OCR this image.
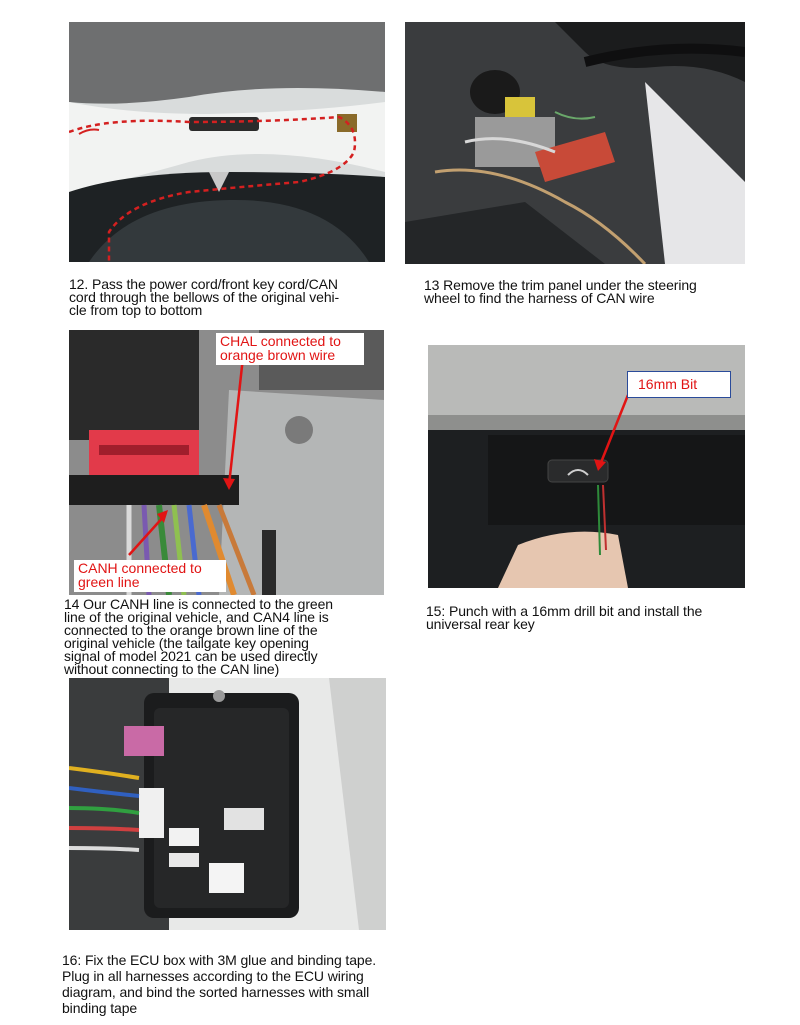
12. Pass the power cord/front key cord/CAN
cord through the bellows of the original vehi-
cle from top to bottom
13 Remove the trim panel under the steering
wheel to find the harness of CAN wire
CHAL connected to
orange brown wire
CANH connected to
green line
14 Our CANH line is connected to the green
line of the original vehicle, and CAN4 line is
connected to the orange brown line of the
original vehicle (the tailgate key opening
signal of model 2021 can be used directly
without connecting to the CAN line)
16mm Bit
15: Punch with a 16mm drill bit and install the
universal rear key
16: Fix the ECU box with 3M glue and binding tape.
Plug in all harnesses according to the ECU wiring
diagram, and bind the sorted harnesses with small
binding tape
